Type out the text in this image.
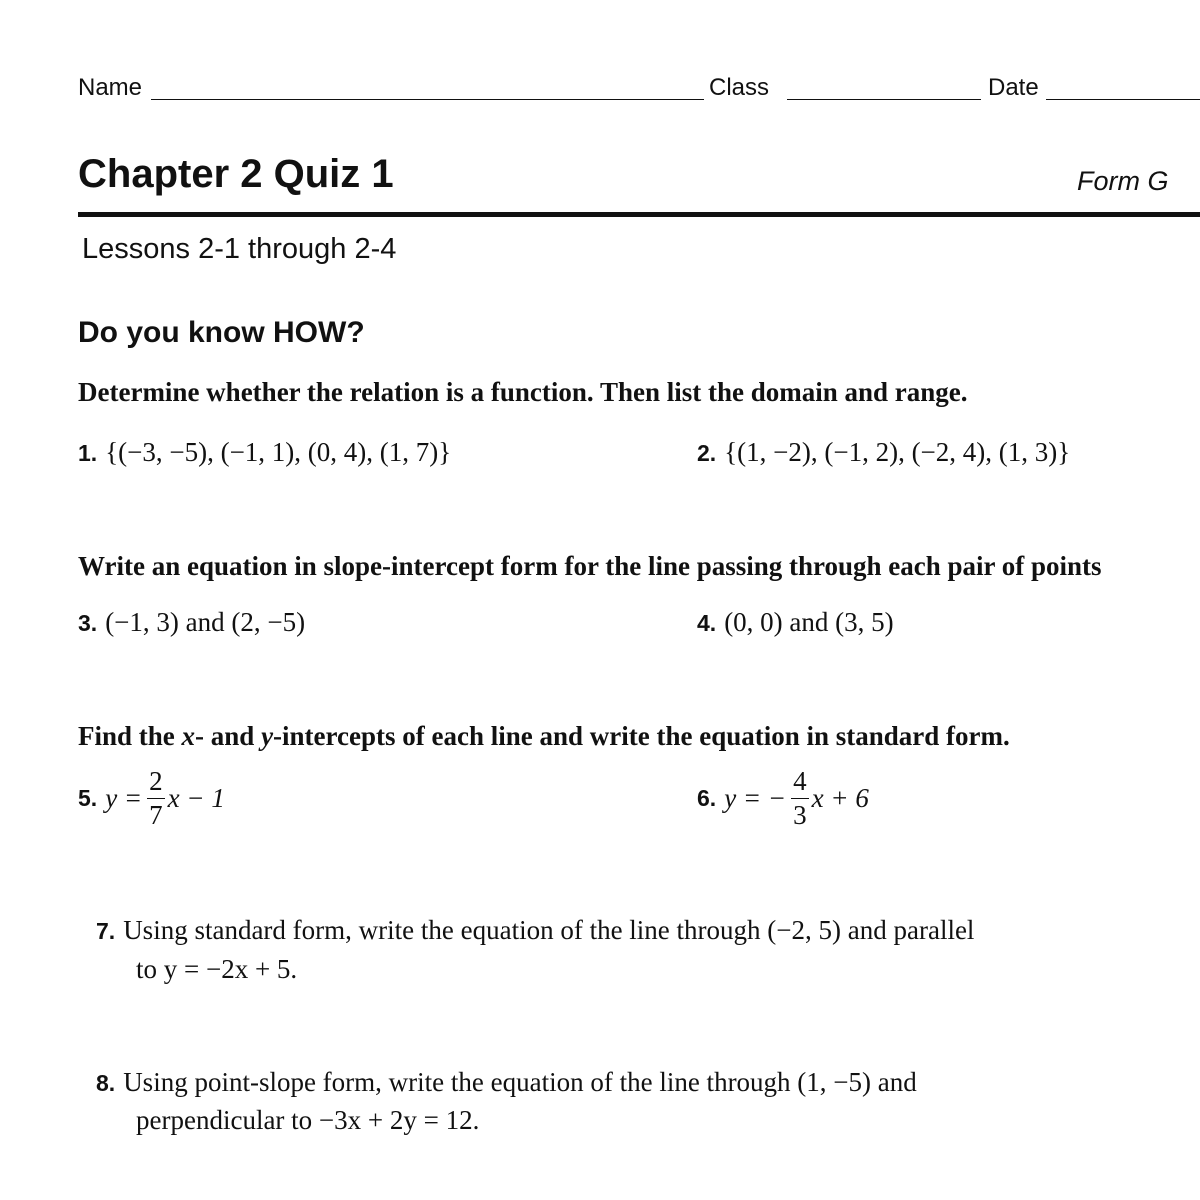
Name	Class	Date
Chapter 2 Quiz 1	Form G
Lessons 2-1 through 2-4
Do you know HOW?
Determine whether the relation is a function. Then list the domain and range.
1. {(−3, −5), (−1, 1), (0, 4), (1, 7)}	2. {(1, −2), (−1, 2), (−2, 4), (1, 3)}
Write an equation in slope-intercept form for the line passing through each pair of points
3. (−1, 3) and (2, −5)	4. (0, 0) and (3, 5)
Find the x- and y-intercepts of each line and write the equation in standard form.
5. $y = \frac{2}{7}$ x − 1	6. y = − $\frac{4}{3}$ x + 6
7. Using standard form, write the equation of the line through (−2, 5) and parallel
to y = −2x + 5.
8. Using point-slope form, write the equation of the line through (1, −5) and
perpendicular to −3x + 2y = 12.
